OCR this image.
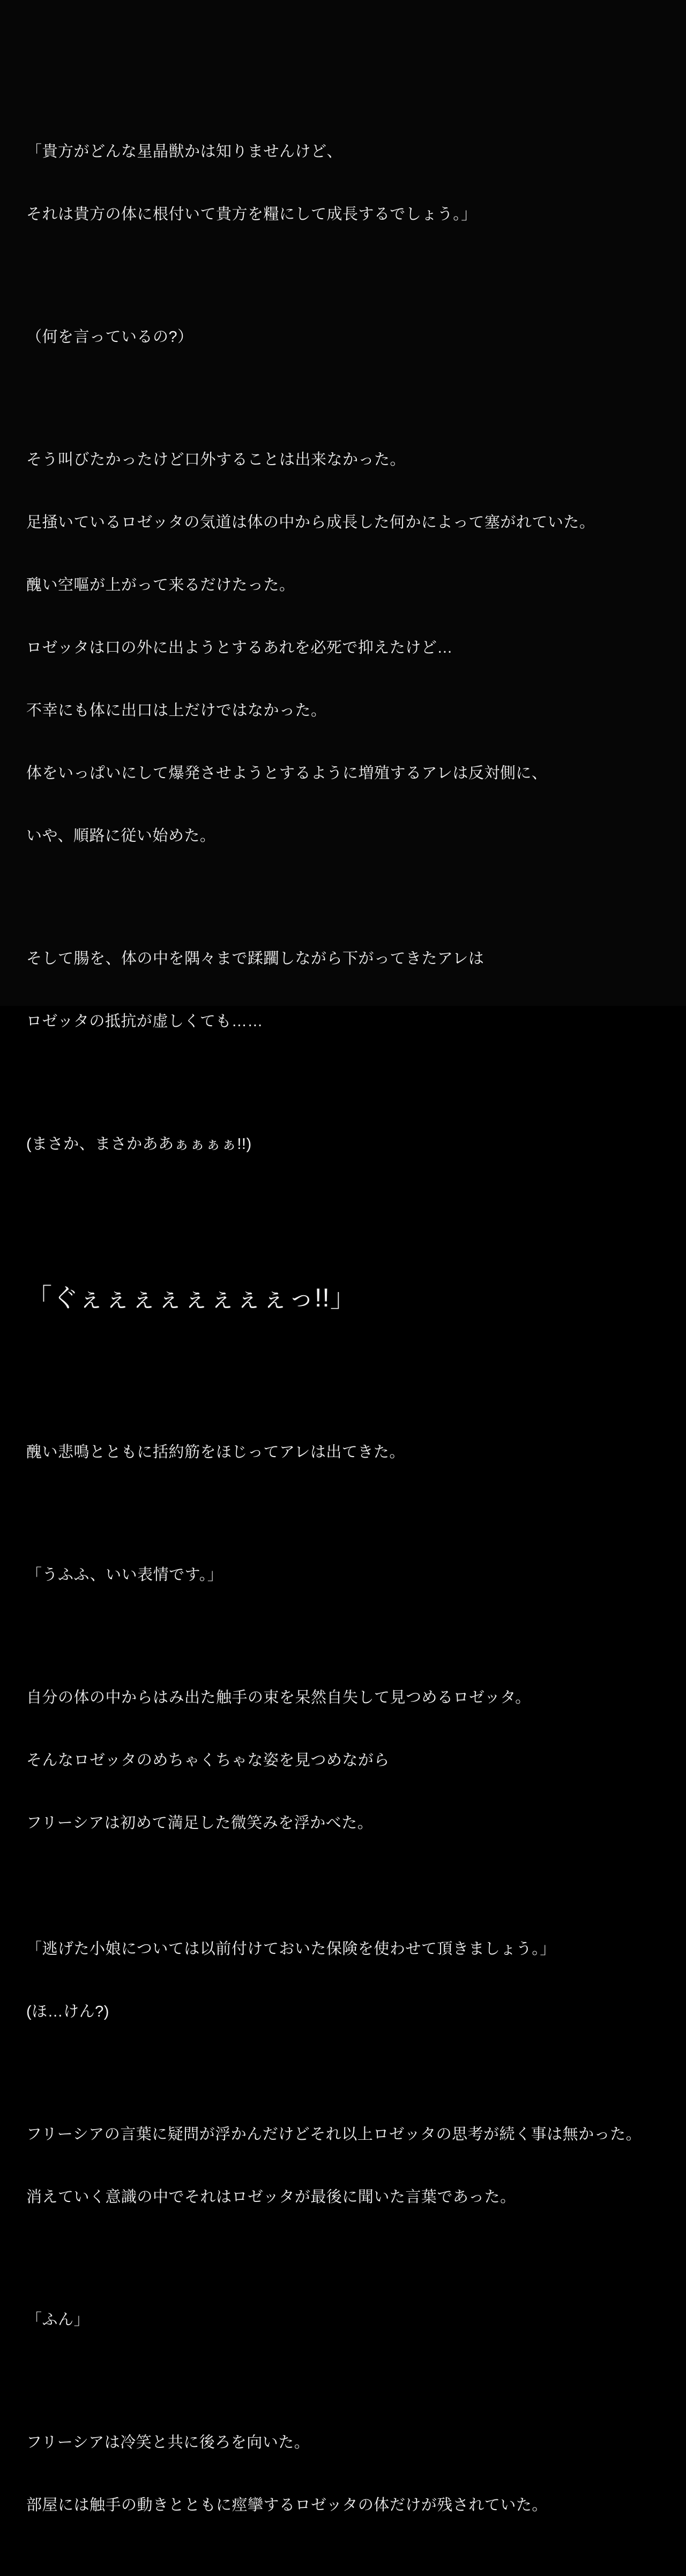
「貴方がどんな星晶獣かは知りませんけど、

それは貴方の体に根付いて貴方を糧にして成長するでしょう。」

（何を言っているの?）

そう叫びたかったけど口外することは出来なかった。

足掻いているロゼッタの気道は体の中から成長した何かによって塞がれていた。

醜い空嘔が上がって来るだけたった。

ロゼッタは口の外に出ようとするあれを必死で抑えたけど…

不幸にも体に出口は上だけではなかった。

体をいっぱいにして爆発させようとするように増殖するアレは反対側に、

いや、順路に従い始めた。

そして腸を、体の中を隅々まで蹂躙しながら下がってきたアレは

ロゼッタの抵抗が虚しくても……

(まさか、まさかああぁぁぁぁ!!)

「ぐぇぇぇぇぇぇぇぇっ!!」

醜い悲鳴とともに括約筋をほじってアレは出てきた。

「うふふ、いい表情です。」

自分の体の中からはみ出た触手の束を呆然自失して見つめるロゼッタ。

そんなロゼッタのめちゃくちゃな姿を見つめながら

フリーシアは初めて満足した微笑みを浮かべた。

「逃げた小娘については以前付けておいた保険を使わせて頂きましょう。」

(ほ…けん?)

フリーシアの言葉に疑問が浮かんだけどそれ以上ロゼッタの思考が続く事は無かった。

消えていく意識の中でそれはロゼッタが最後に聞いた言葉であった。

「ふん」

フリーシアは冷笑と共に後ろを向いた。

部屋には触手の動きとともに痙攣するロゼッタの体だけが残されていた。
